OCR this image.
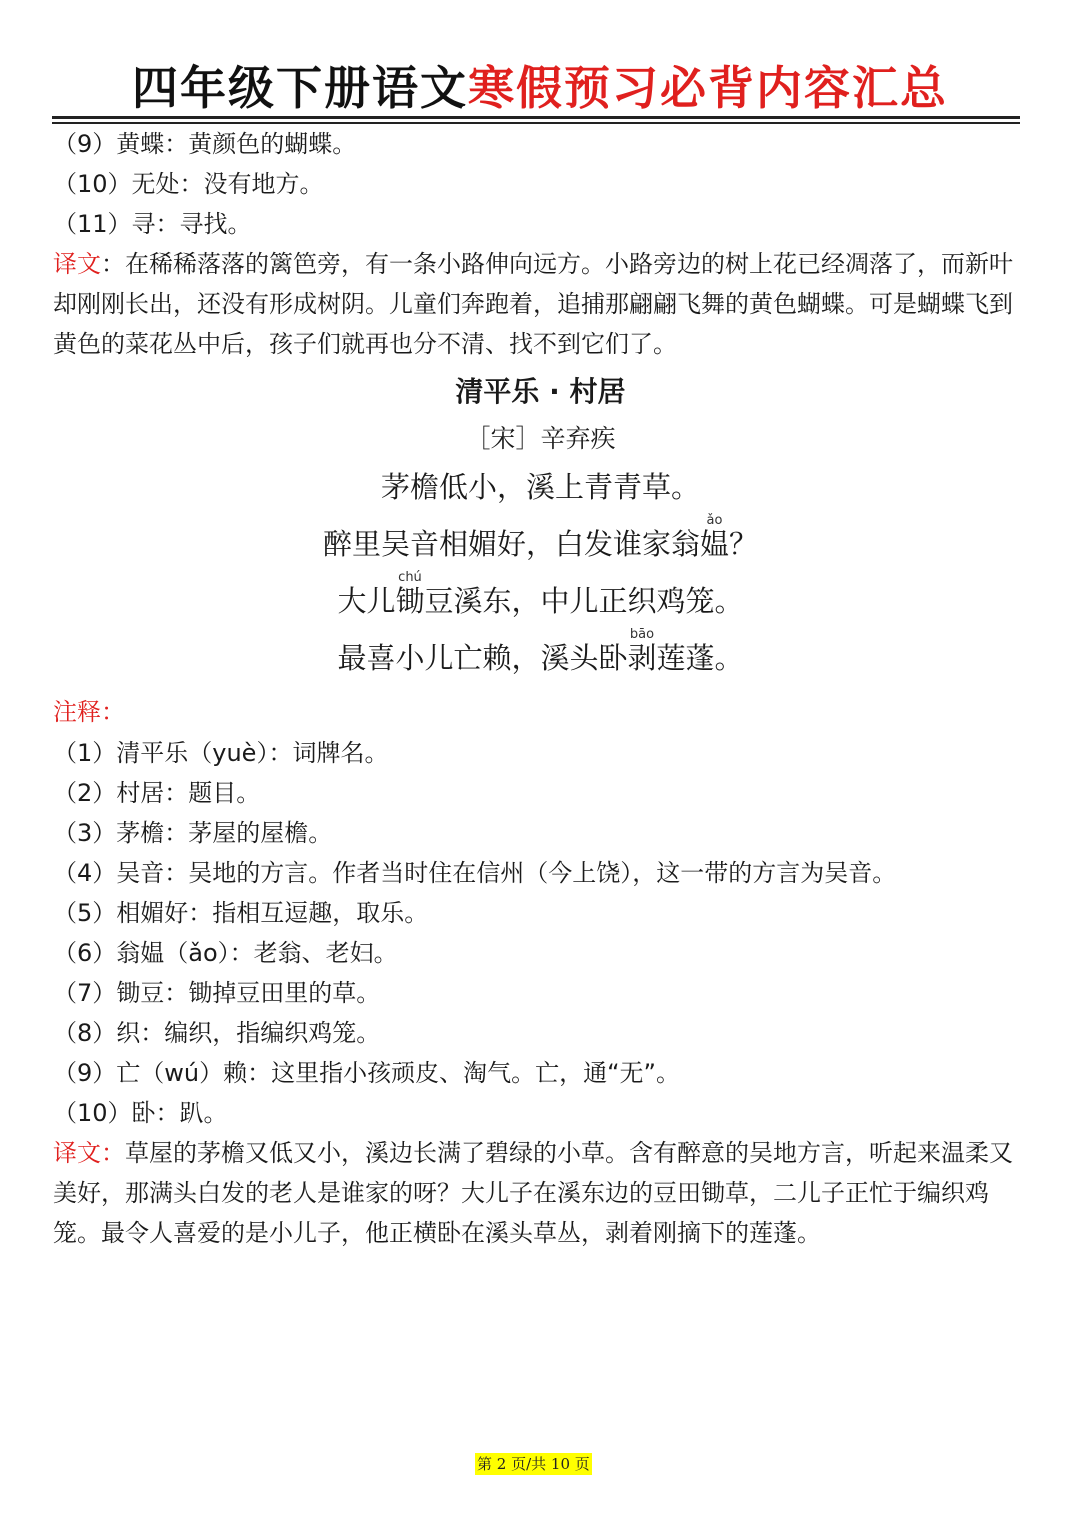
四年级下册语文寒假预习必背内容汇总
（9）黄蝶：黄颜色的蝴蝶。
（10）无处：没有地方。
（11）寻：寻找。
译文：在稀稀落落的篱笆旁，有一条小路伸向远方。小路旁边的树上花已经凋落了，而新叶却刚刚长出，还没有形成树阴。儿童们奔跑着，追捕那翩翩飞舞的黄色蝴蝶。可是蝴蝶飞到黄色的菜花丛中后，孩子们就再也分不清、找不到它们了。
清平乐 · 村居
［宋］辛弃疾
茅檐低小，溪上青青草。
醉里吴音相媚好，白发谁家翁媪ǎo？
大儿锄chú豆溪东，中儿正织鸡笼。
最喜小儿亡赖，溪头卧剥bāo莲蓬。
注释：
（1）清平乐（yuè）：词牌名。
（2）村居：题目。
（3）茅檐：茅屋的屋檐。
（4）吴音：吴地的方言。作者当时住在信州（今上饶），这一带的方言为吴音。
（5）相媚好：指相互逗趣，取乐。
（6）翁媪（ǎo）：老翁、老妇。
（7）锄豆：锄掉豆田里的草。
（8）织：编织，指编织鸡笼。
（9）亡（wú）赖：这里指小孩顽皮、淘气。亡，通“无”。
（10）卧：趴。
译文：草屋的茅檐又低又小，溪边长满了碧绿的小草。含有醉意的吴地方言，听起来温柔又美好，那满头白发的老人是谁家的呀？大儿子在溪东边的豆田锄草，二儿子正忙于编织鸡笼。最令人喜爱的是小儿子，他正横卧在溪头草丛，剥着刚摘下的莲蓬。
第 2 页/共 10 页
